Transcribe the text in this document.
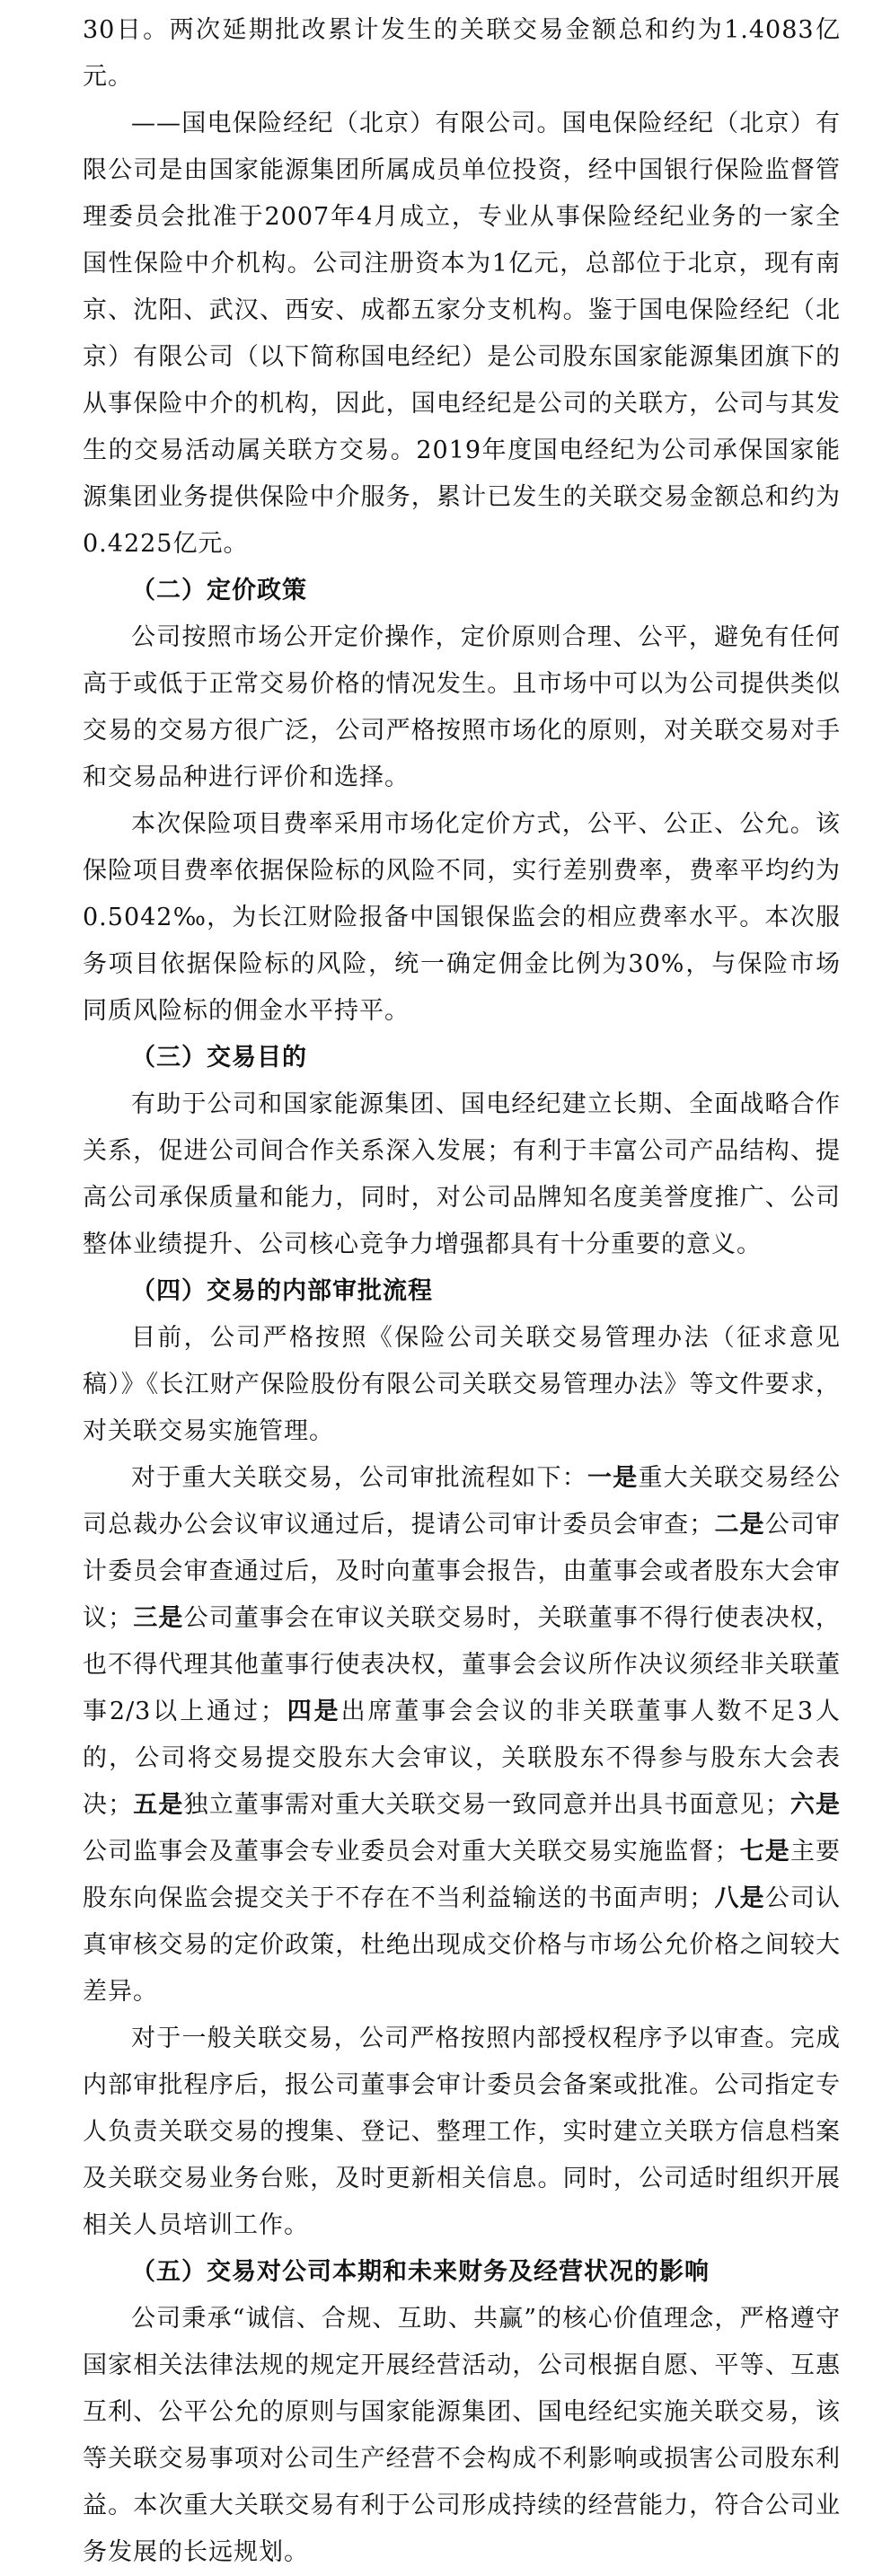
30日。两次延期批改累计发生的关联交易金额总和约为1.4083亿元。

——国电保险经纪（北京）有限公司。国电保险经纪（北京）有限公司是由国家能源集团所属成员单位投资，经中国银行保险监督管理委员会批准于2007年4月成立，专业从事保险经纪业务的一家全国性保险中介机构。公司注册资本为1亿元，总部位于北京，现有南京、沈阳、武汉、西安、成都五家分支机构。鉴于国电保险经纪（北京）有限公司（以下简称国电经纪）是公司股东国家能源集团旗下的从事保险中介的机构，因此，国电经纪是公司的关联方，公司与其发生的交易活动属关联方交易。2019年度国电经纪为公司承保国家能源集团业务提供保险中介服务，累计已发生的关联交易金额总和约为0.4225亿元。

（二）定价政策

公司按照市场公开定价操作，定价原则合理、公平，避免有任何高于或低于正常交易价格的情况发生。且市场中可以为公司提供类似交易的交易方很广泛，公司严格按照市场化的原则，对关联交易对手和交易品种进行评价和选择。

本次保险项目费率采用市场化定价方式，公平、公正、公允。该保险项目费率依据保险标的风险不同，实行差别费率，费率平均约为0.5042‰，为长江财险报备中国银保监会的相应费率水平。本次服务项目依据保险标的风险，统一确定佣金比例为30%，与保险市场同质风险标的佣金水平持平。

（三）交易目的

有助于公司和国家能源集团、国电经纪建立长期、全面战略合作关系，促进公司间合作关系深入发展；有利于丰富公司产品结构、提高公司承保质量和能力，同时，对公司品牌知名度美誉度推广、公司整体业绩提升、公司核心竞争力增强都具有十分重要的意义。

（四）交易的内部审批流程

目前，公司严格按照《保险公司关联交易管理办法（征求意见稿）》《长江财产保险股份有限公司关联交易管理办法》等文件要求，对关联交易实施管理。

对于重大关联交易，公司审批流程如下：一是重大关联交易经公司总裁办公会议审议通过后，提请公司审计委员会审查；二是公司审计委员会审查通过后，及时向董事会报告，由董事会或者股东大会审议；三是公司董事会在审议关联交易时，关联董事不得行使表决权，也不得代理其他董事行使表决权，董事会会议所作决议须经非关联董事2/3以上通过；四是出席董事会会议的非关联董事人数不足3人的，公司将交易提交股东大会审议，关联股东不得参与股东大会表决；五是独立董事需对重大关联交易一致同意并出具书面意见；六是公司监事会及董事会专业委员会对重大关联交易实施监督；七是主要股东向保监会提交关于不存在不当利益输送的书面声明；八是公司认真审核交易的定价政策，杜绝出现成交价格与市场公允价格之间较大差异。

对于一般关联交易，公司严格按照内部授权程序予以审查。完成内部审批程序后，报公司董事会审计委员会备案或批准。公司指定专人负责关联交易的搜集、登记、整理工作，实时建立关联方信息档案及关联交易业务台账，及时更新相关信息。同时，公司适时组织开展相关人员培训工作。

（五）交易对公司本期和未来财务及经营状况的影响

公司秉承“诚信、合规、互助、共赢”的核心价值理念，严格遵守国家相关法律法规的规定开展经营活动，公司根据自愿、平等、互惠互利、公平公允的原则与国家能源集团、国电经纪实施关联交易，该等关联交易事项对公司生产经营不会构成不利影响或损害公司股东利益。本次重大关联交易有利于公司形成持续的经营能力，符合公司业务发展的长远规划。
